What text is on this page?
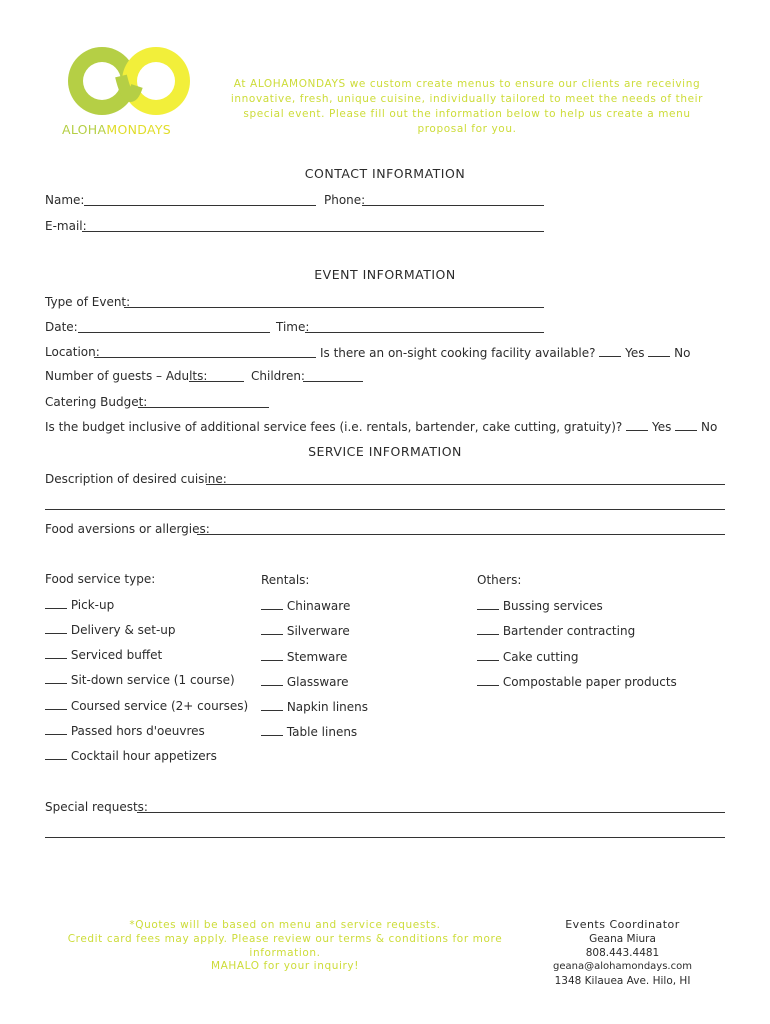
ALOHAMONDAYS
At ALOHAMONDAYS we custom create menus to ensure our clients are receiving innovative, fresh, unique cuisine, individually tailored to meet the needs of their special event. Please fill out the information below to help us create a menu proposal for you.
CONTACT INFORMATION
Name:	Phone:
E-mail:
EVENT INFORMATION
Type of Event:
Date:	Time:
Location:	Is there an on-sight cooking facility available? Yes No
Number of guests – Adults:	Children:
Catering Budget:
Is the budget inclusive of additional service fees (i.e. rentals, bartender, cake cutting, gratuity)? Yes No
SERVICE INFORMATION
Description of desired cuisine:
Food aversions or allergies:
Food service type:
Pick-up
Delivery & set-up
Serviced buffet
Sit-down service (1 course)
Coursed service (2+ courses)
Passed hors d'oeuvres
Cocktail hour appetizers
Rentals:
Chinaware
Silverware
Stemware
Glassware
Napkin linens
Table linens
Others:
Bussing services
Bartender contracting
Cake cutting
Compostable paper products
Special requests:
*Quotes will be based on menu and service requests.
Credit card fees may apply. Please review our terms & conditions for more information.
MAHALO for your inquiry!
Events Coordinator
Geana Miura
808.443.4481
geana@alohamondays.com
1348 Kilauea Ave. Hilo, HI
